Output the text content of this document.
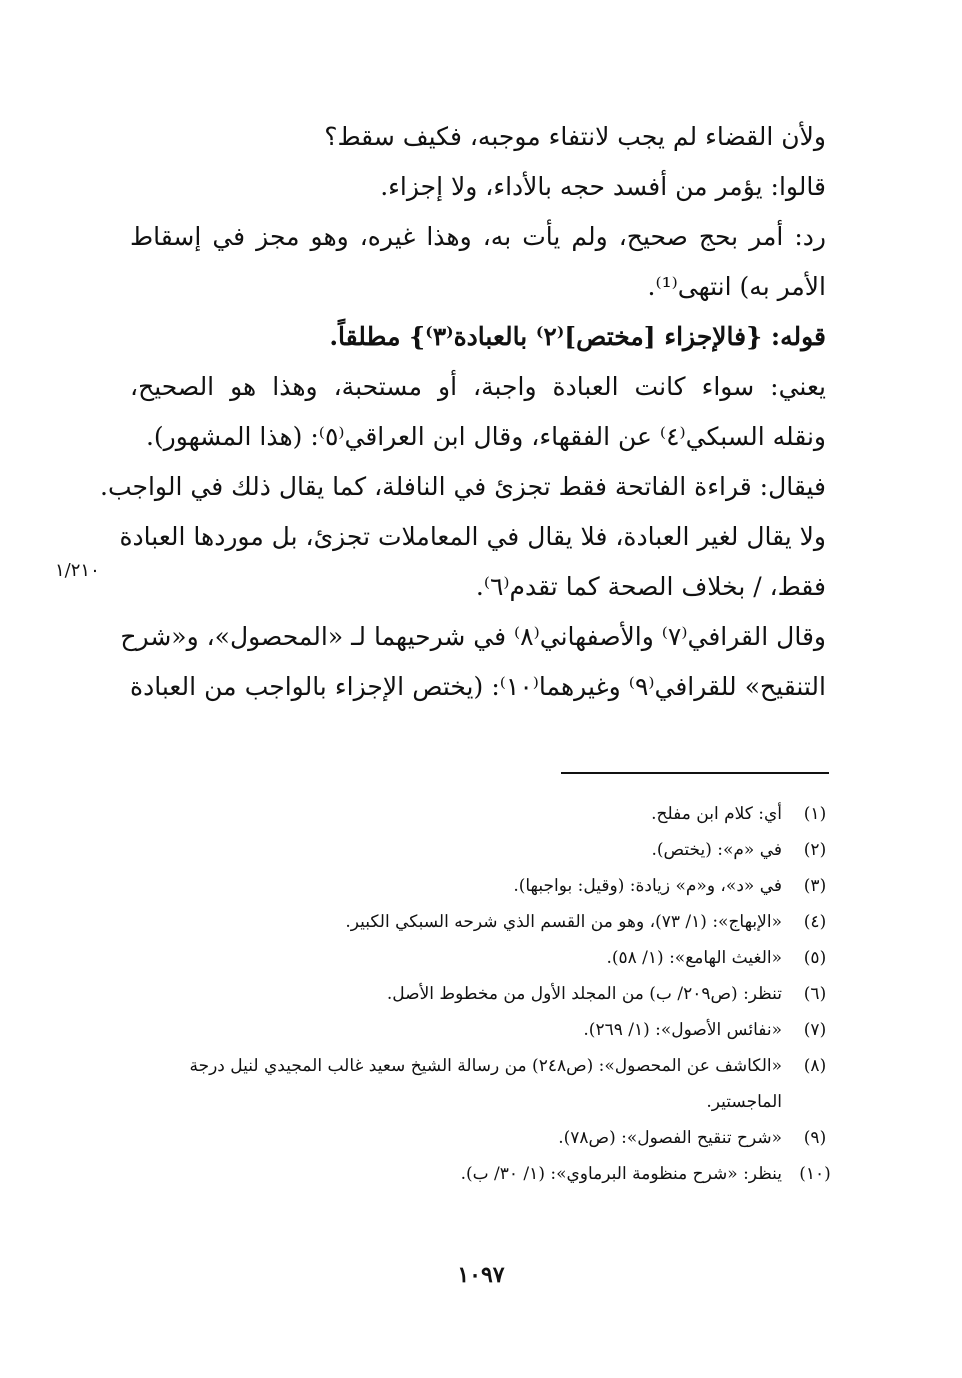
ولأن القضاء لم يجب لانتفاء موجبه، فكيف سقط؟
قالوا: يؤمر من أفسد حجه بالأداء، ولا إجزاء.
رد: أمر بحج صحيح، ولم يأت به، وهذا غيره، وهو مجز في إسقاط
الأمر به) انتهى⁽¹⁾.
قوله: {فالإجزاء [مختص]⁽٢⁾ بالعبادة⁽٣⁾} مطلقاً.
يعني: سواء كانت العبادة واجبة، أو مستحبة، وهذا هو الصحيح،
ونقله السبكي⁽٤⁾ عن الفقهاء، وقال ابن العراقي⁽٥⁾: (هذا المشهور).
فيقال: قراءة الفاتحة فقط تجزئ في النافلة، كما يقال ذلك في الواجب.
ولا يقال لغير العبادة، فلا يقال في المعاملات تجزئ، بل موردها العبادة
فقط، / بخلاف الصحة كما تقدم⁽٦⁾.
وقال القرافي⁽٧⁾ والأصفهاني⁽٨⁾ في شرحيهما لـ «المحصول»، و«شرح
التنقيح» للقرافي⁽٩⁾ وغيرهما⁽١٠⁾: (يختص الإجزاء بالواجب من العبادة
١/٢١٠
(١)
أي: كلام ابن مفلح.
(٢)
في «م»: (يختص).
(٣)
في «د»، و«م» زيادة: (وقيل: بواجبها).
(٤)
«الإبهاج»: (١/ ٧٣)، وهو من القسم الذي شرحه السبكي الكبير.
(٥)
«الغيث الهامع»: (١/ ٥٨).
(٦)
تنظر: (ص٢٠٩/ ب) من المجلد الأول من مخطوط الأصل.
(٧)
«نفائس الأصول»: (١/ ٢٦٩).
(٨)
«الكاشف عن المحصول»: (ص٢٤٨) من رسالة الشيخ سعيد غالب المجيدي لنيل درجة
الماجستير.
(٩)
«شرح تنقيح الفصول»: (ص٧٨).
(١٠)
ينظر: «شرح منظومة البرماوي»: (١/ ٣٠/ ب).
١٠٩٧
